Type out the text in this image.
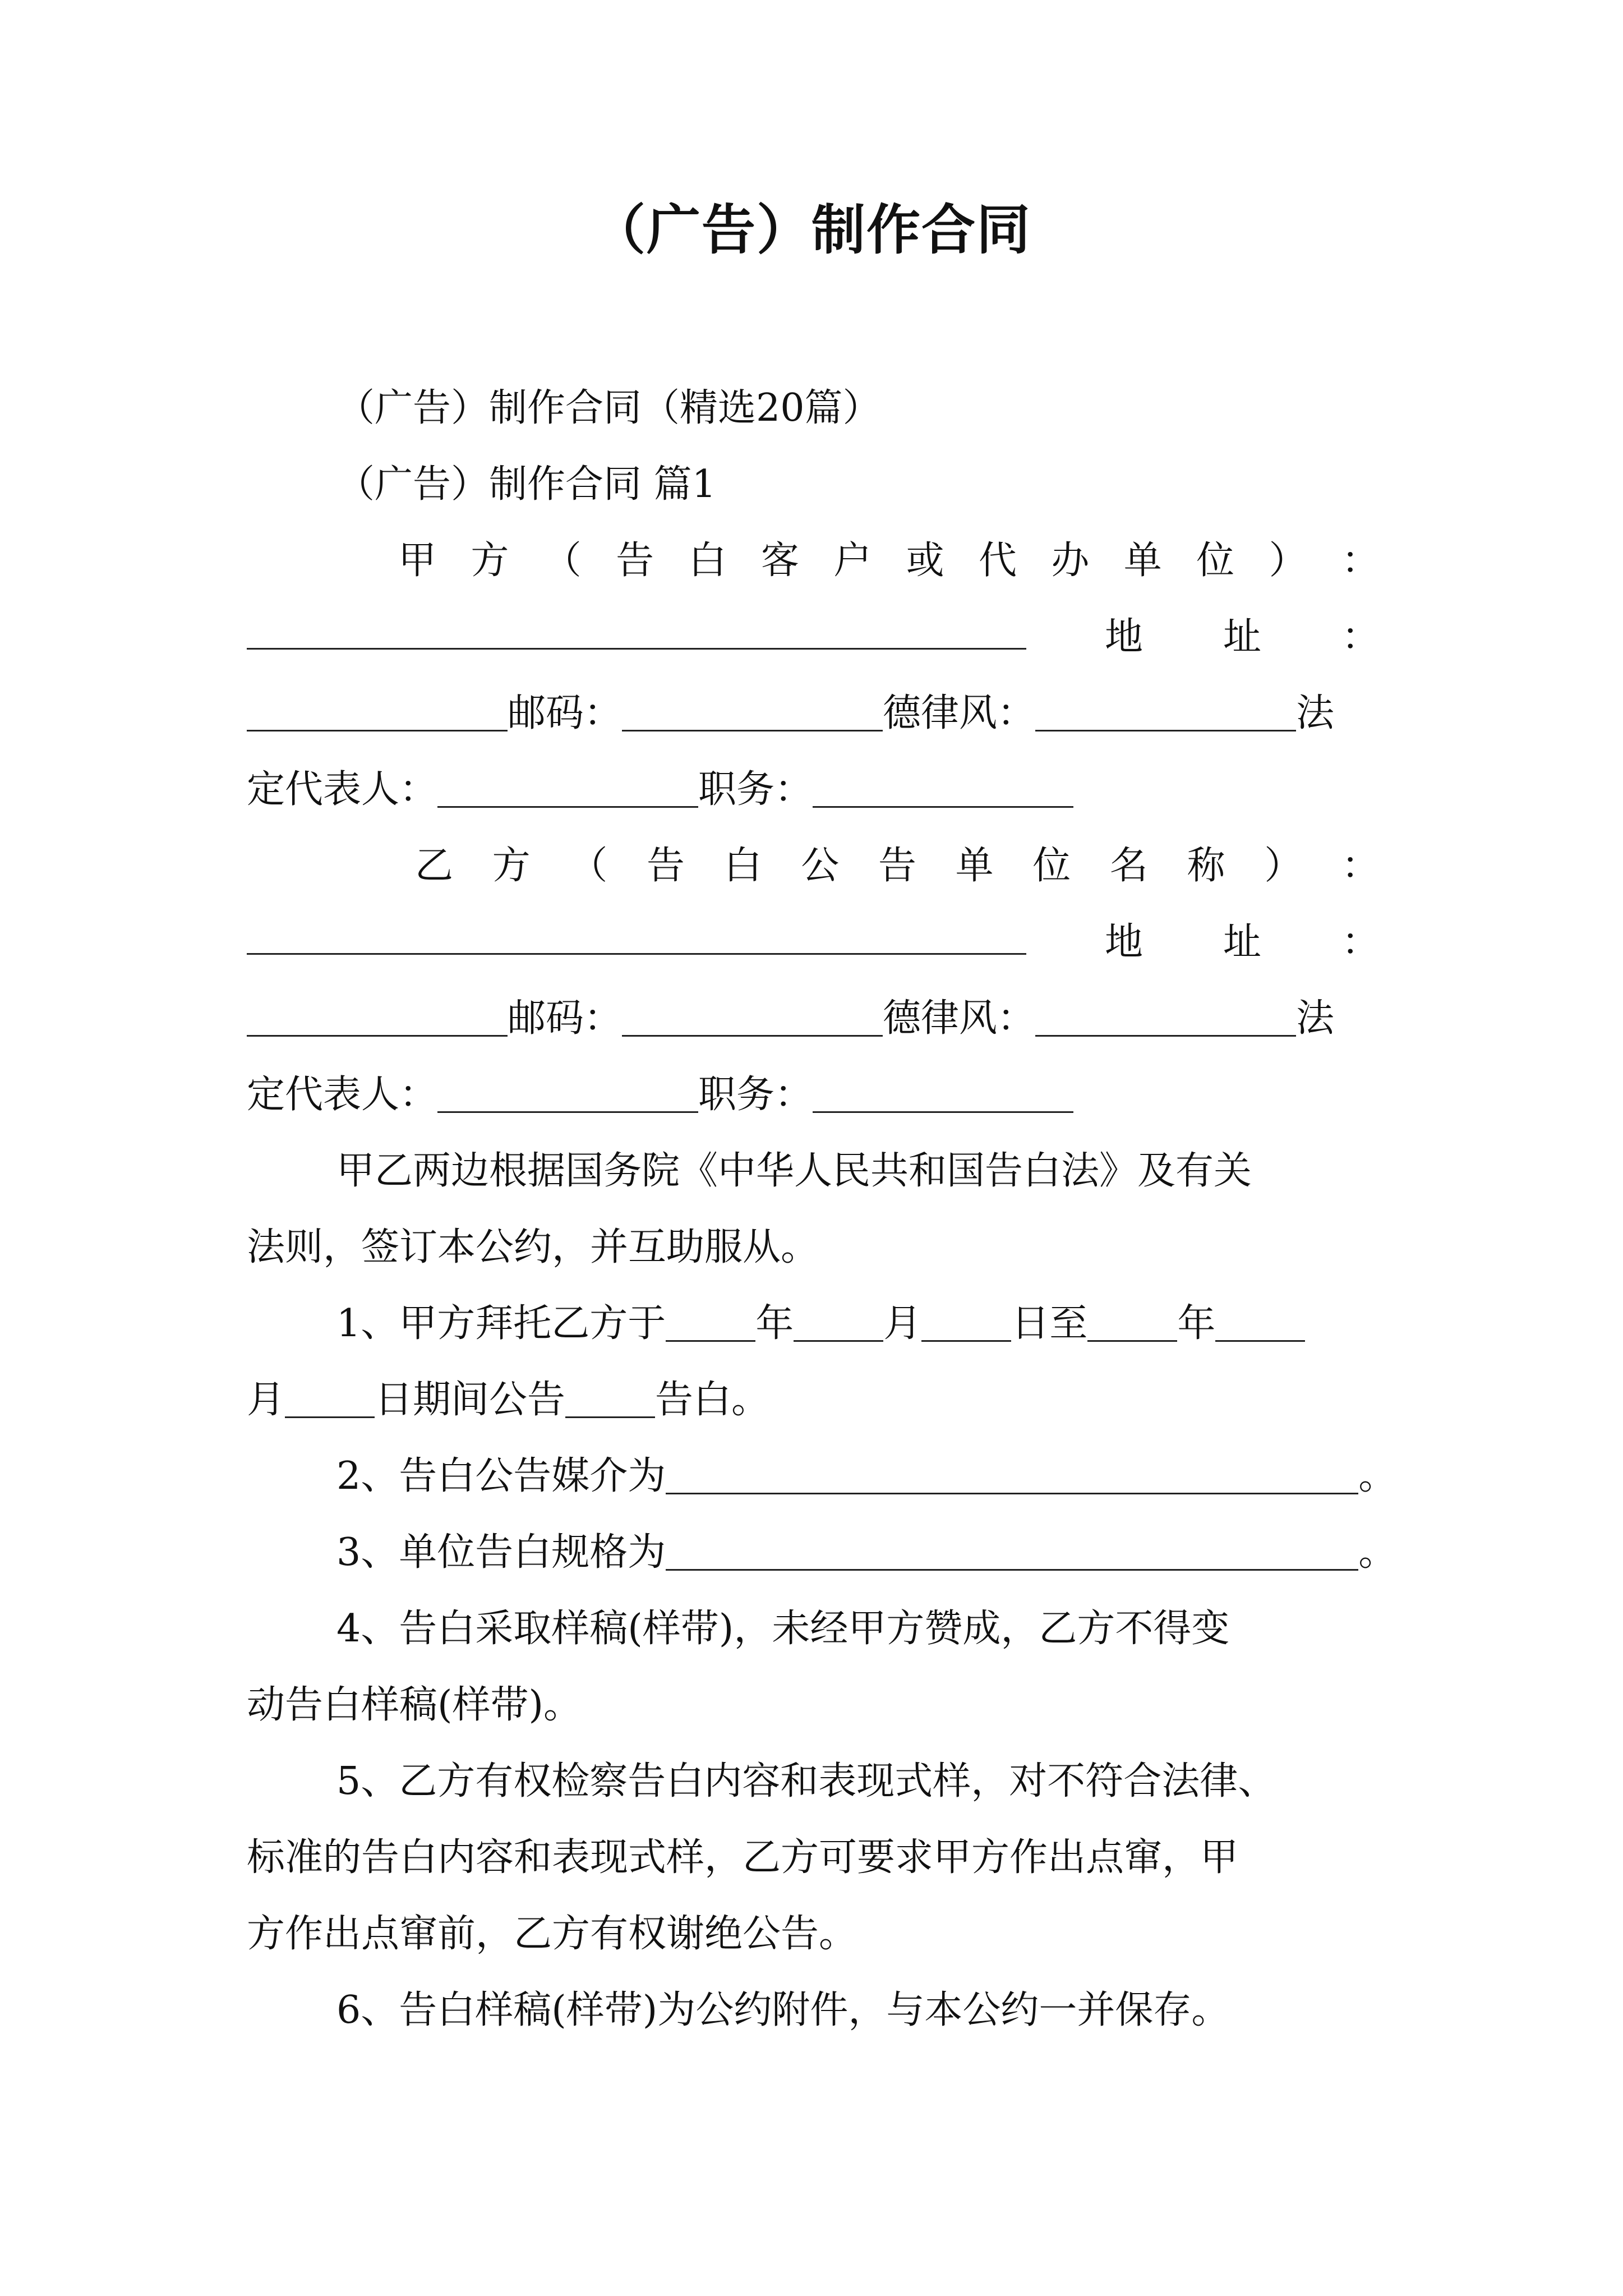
（广告）制作合同
（广告）制作合同（精选20篇）
（广告）制作合同 篇1
甲 方 （ 告 白 客 户 或 代 办 单 位 ） ：
地 址 ：
邮码：	德律风：	法
定代表人：	职务：
乙 方 （ 告 白 公 告 单 位 名 称 ） ：
地 址 ：
邮码：	德律风：	法
定代表人：	职务：
甲乙两边根据国务院《中华人民共和国告白法》及有关
法则，签订本公约，并互助服从。
1、甲方拜托乙方于 年 月 日至 年
月 日期间公告 告白。
2、告白公告媒介为	。
3、单位告白规格为	。
4、告白采取样稿(样带)，未经甲方赞成，乙方不得变
动告白样稿(样带)。
5、乙方有权检察告白内容和表现式样，对不符合法律、
标准的告白内容和表现式样，乙方可要求甲方作出点窜，甲
方作出点窜前，乙方有权谢绝公告。
6、告白样稿(样带)为公约附件，与本公约一并保存。
